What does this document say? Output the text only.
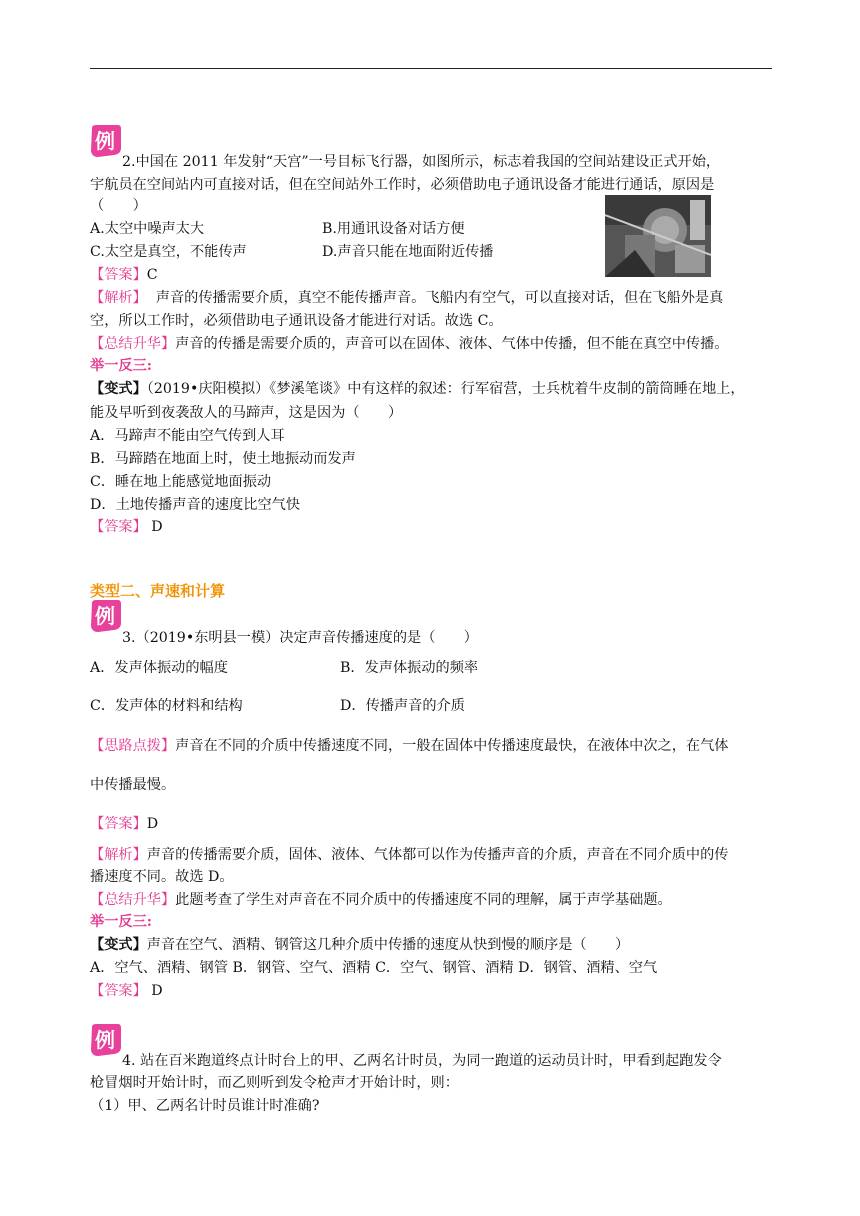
例
2.中国在 2011 年发射“天宫”一号目标飞行器，如图所示，标志着我国的空间站建设正式开始，
宇航员在空间站内可直接对话，但在空间站外工作时，必须借助电子通讯设备才能进行通话，原因是
（　　）
A.太空中噪声太大	B.用通讯设备对话方便
C.太空是真空，不能传声	D.声音只能在地面附近传播
【答案】C
【解析】  声音的传播需要介质，真空不能传播声音。飞船内有空气，可以直接对话，但在飞船外是真
空，所以工作时，必须借助电子通讯设备才能进行对话。故选 C。
【总结升华】声音的传播是需要介质的，声音可以在固体、液体、气体中传播，但不能在真空中传播。
举一反三:
【变式】（2019•庆阳模拟）《梦溪笔谈》中有这样的叙述：行军宿营，士兵枕着牛皮制的箭筒睡在地上，
能及早听到夜袭敌人的马蹄声，这是因为（　　）
A．马蹄声不能由空气传到人耳
B．马蹄踏在地面上时，使土地振动而发声
C．睡在地上能感觉地面振动
D．土地传播声音的速度比空气快
【答案】 D
类型二、声速和计算
例
3.（2019•东明县一模）决定声音传播速度的是（　　）
A．发声体振动的幅度	B．发声体振动的频率
C．发声体的材料和结构	D．传播声音的介质
【思路点拨】声音在不同的介质中传播速度不同，一般在固体中传播速度最快，在液体中次之，在气体
中传播最慢。
【答案】D
【解析】声音的传播需要介质，固体、液体、气体都可以作为传播声音的介质，声音在不同介质中的传
播速度不同。故选 D。
【总结升华】此题考查了学生对声音在不同介质中的传播速度不同的理解，属于声学基础题。
举一反三:
【变式】声音在空气、酒精、钢管这几种介质中传播的速度从快到慢的顺序是（　　）
A．空气、酒精、钢管 B．钢管、空气、酒精 C．空气、钢管、酒精 D．钢管、酒精、空气
【答案】 D
例
4. 站在百米跑道终点计时台上的甲、乙两名计时员，为同一跑道的运动员计时，甲看到起跑发令
枪冒烟时开始计时，而乙则听到发令枪声才开始计时，则：
（1）甲、乙两名计时员谁计时准确?
